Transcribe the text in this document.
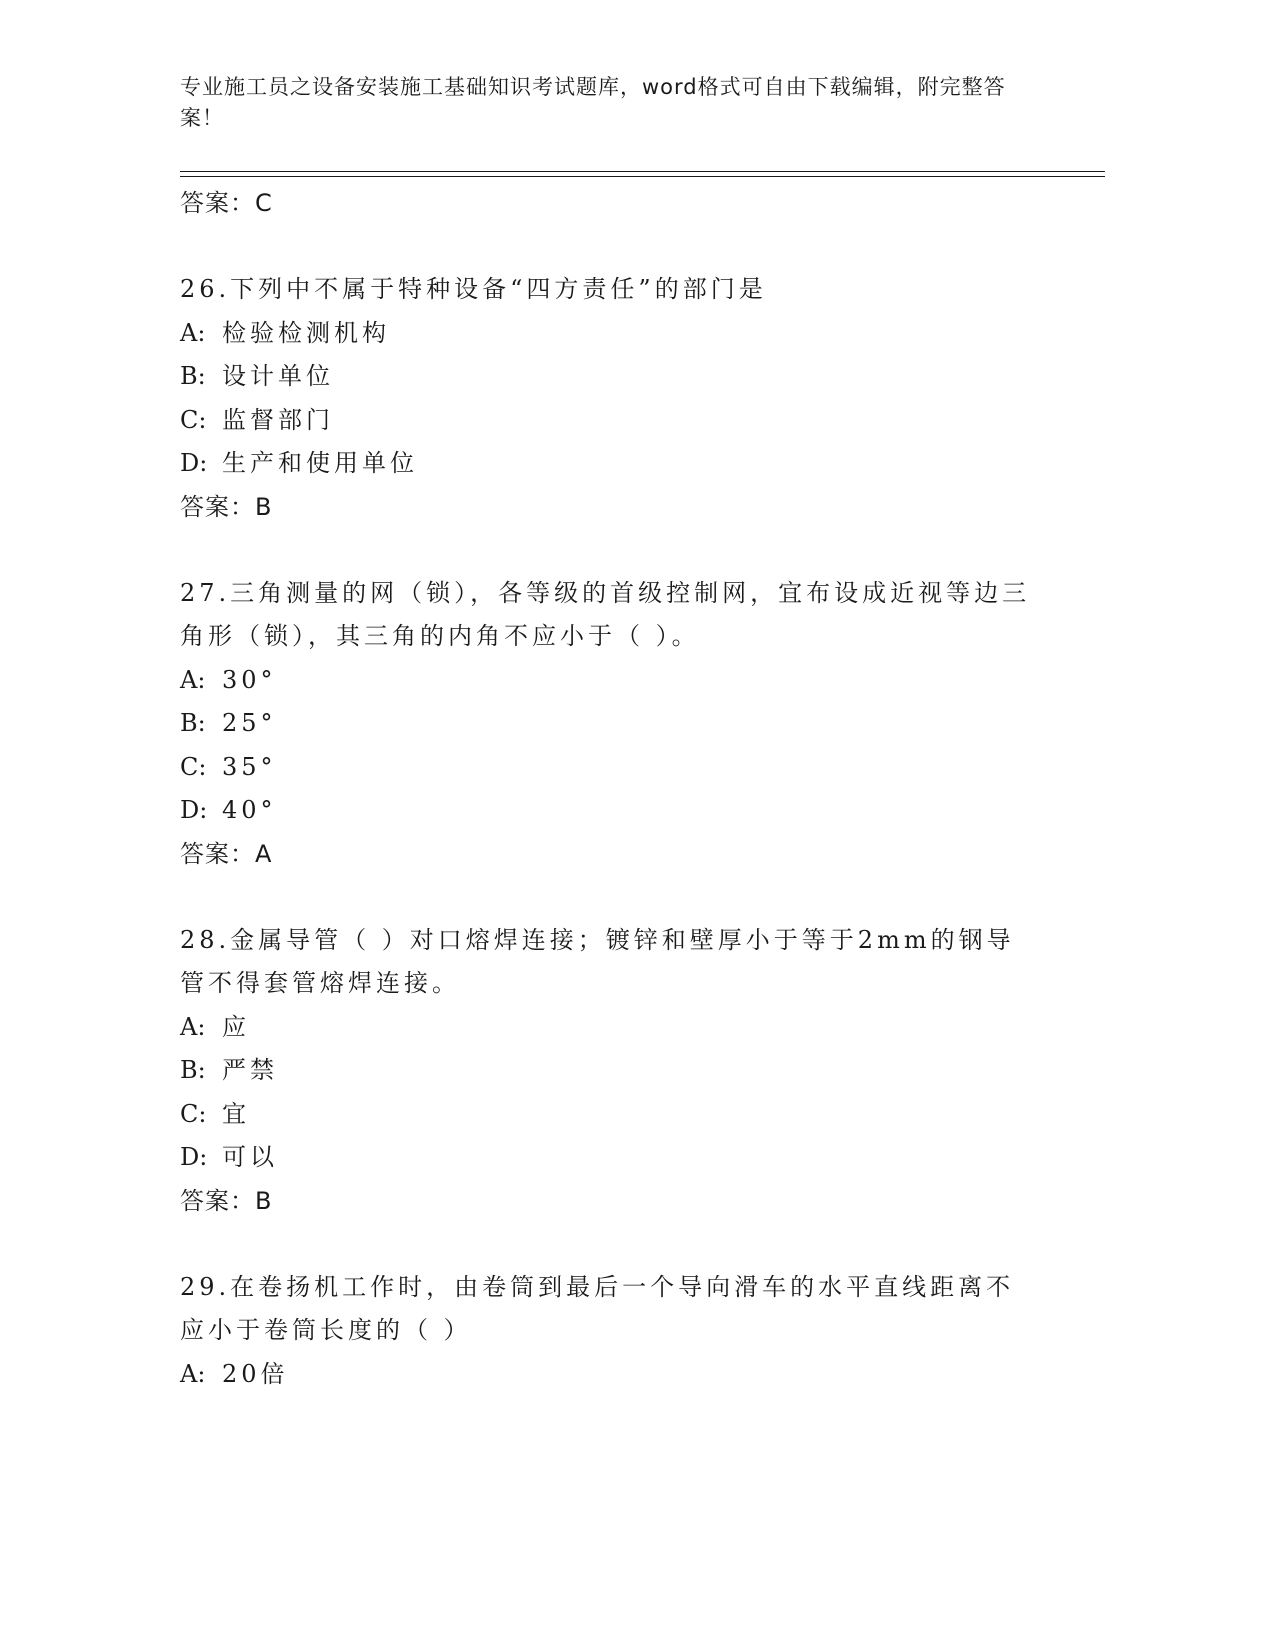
专业施工员之设备安装施工基础知识考试题库，word格式可自由下载编辑，附完整答案！
答案：C
26.下列中不属于特种设备“四方责任”的部门是
A: 检验检测机构
B: 设计单位
C: 监督部门
D: 生产和使用单位
答案：B
27.三角测量的网（锁），各等级的首级控制网，宜布设成近视等边三角形（锁），其三角的内角不应小于（ ）。
A: 30°
B: 25°
C: 35°
D: 40°
答案：A
28.金属导管（ ）对口熔焊连接；镀锌和壁厚小于等于2mm的钢导管不得套管熔焊连接。
A: 应
B: 严禁
C: 宜
D: 可以
答案：B
29.在卷扬机工作时，由卷筒到最后一个导向滑车的水平直线距离不应小于卷筒长度的（ ）
A: 20倍
